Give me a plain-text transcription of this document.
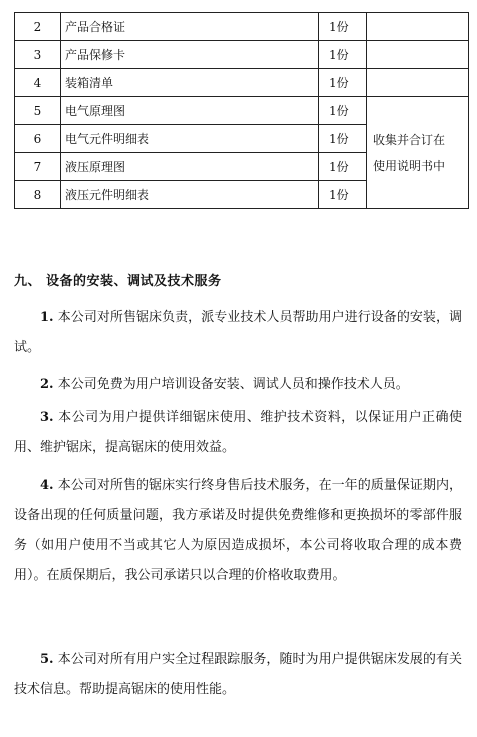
2	产品合格证	1份	
3	产品保修卡	1份	
4	装箱清单	1份	
5	电气原理图	1份	收集并合订在
使用说明书中

6	电气元件明细表	1份	
7	液压原理图	1份	
8	液压元件明细表	1份	
九、 设备的安装、调试及技术服务

1. 本公司对所售锯床负责，派专业技术人员帮助用户进行设备的安装，调试。

2. 本公司免费为用户培训设备安装、调试人员和操作技术人员。

3. 本公司为用户提供详细锯床使用、维护技术资料，以保证用户正确使用、维护锯床，提高锯床的使用效益。

4. 本公司对所售的锯床实行终身售后技术服务，在一年的质量保证期内，设备出现的任何质量问题，我方承诺及时提供免费维修和更换损坏的零部件服务（如用户使用不当或其它人为原因造成损坏，本公司将收取合理的成本费用）。在质保期后，我公司承诺只以合理的价格收取费用。

5. 本公司对所有用户实全过程跟踪服务，随时为用户提供锯床发展的有关技术信息。帮助提高锯床的使用性能。
